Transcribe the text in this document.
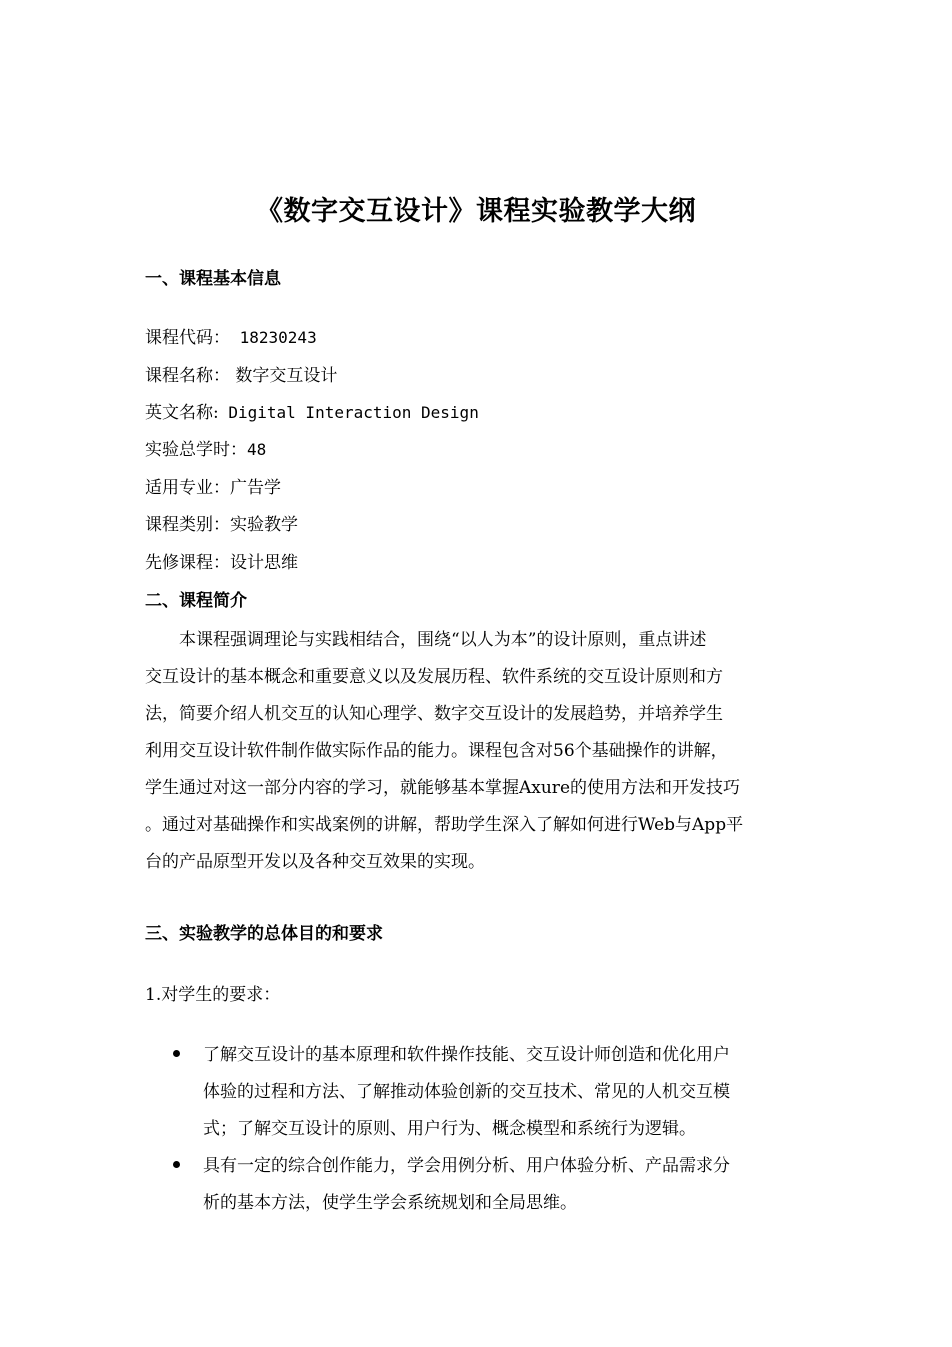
《数字交互设计》课程实验教学大纲
一、课程基本信息
课程代码： 18230243
课程名称： 数字交互设计
英文名称: Digital Interaction Design
实验总学时：48
适用专业：广告学
课程类别：实验教学
先修课程：设计思维
二、课程简介
本课程强调理论与实践相结合，围绕“以人为本”的设计原则，重点讲述
交互设计的基本概念和重要意义以及发展历程、软件系统的交互设计原则和方
法，简要介绍人机交互的认知心理学、数字交互设计的发展趋势，并培养学生
利用交互设计软件制作做实际作品的能力。课程包含对56个基础操作的讲解，
学生通过对这一部分内容的学习，就能够基本掌握Axure的使用方法和开发技巧
。通过对基础操作和实战案例的讲解，帮助学生深入了解如何进行Web与App平
台的产品原型开发以及各种交互效果的实现。
三、实验教学的总体目的和要求
1.对学生的要求：
了解交互设计的基本原理和软件操作技能、交互设计师创造和优化用户
体验的过程和方法、了解推动体验创新的交互技术、常见的人机交互模
式；了解交互设计的原则、用户行为、概念模型和系统行为逻辑。
具有一定的综合创作能力，学会用例分析、用户体验分析、产品需求分
析的基本方法，使学生学会系统规划和全局思维。
